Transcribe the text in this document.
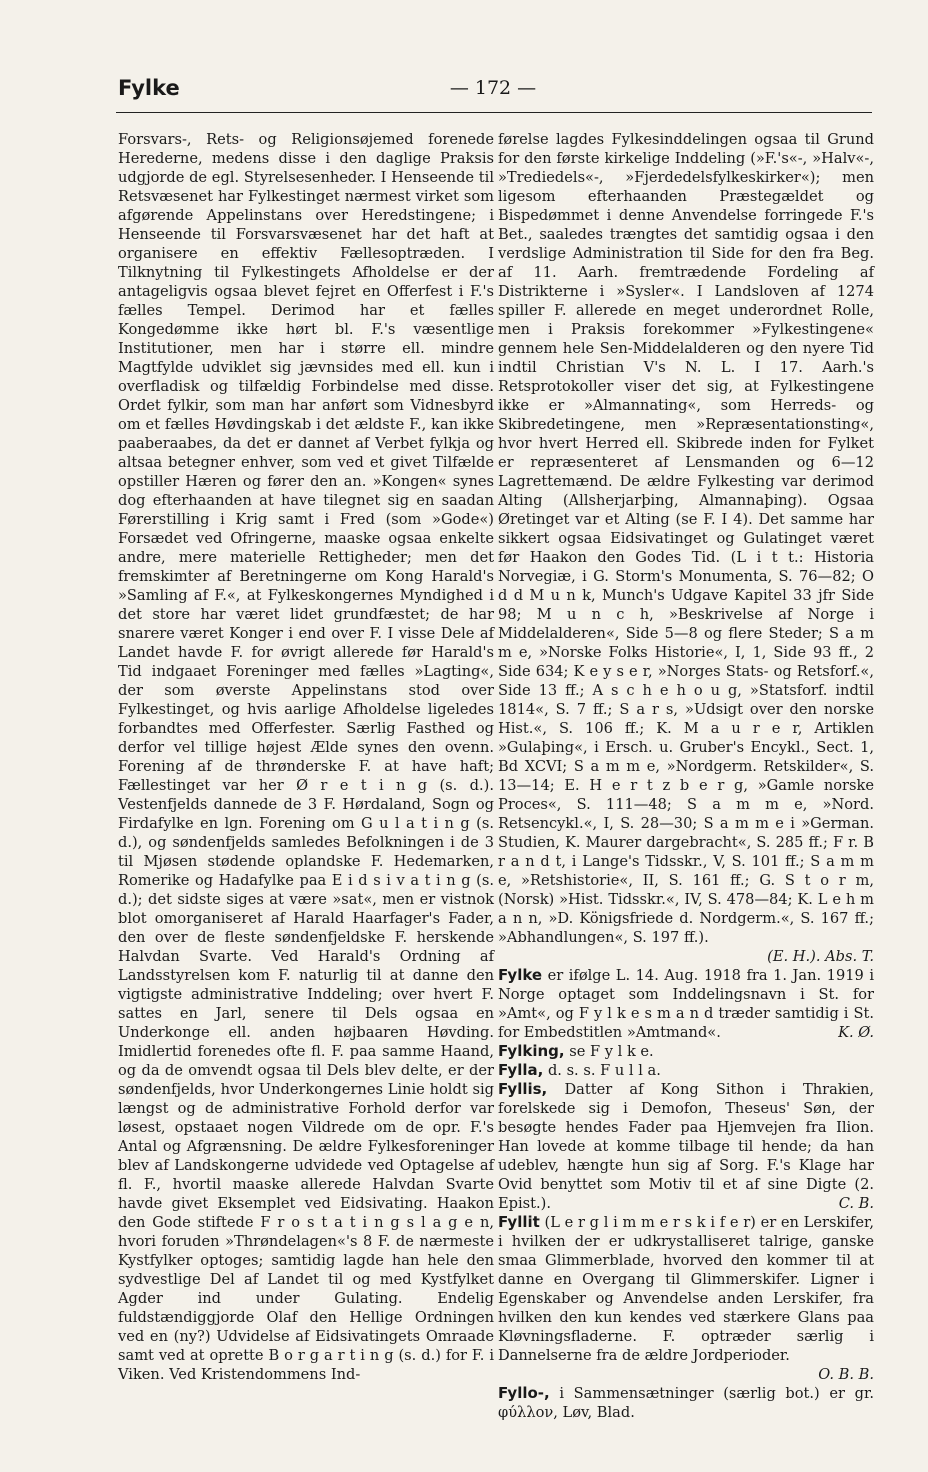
Fylke	— 172 —

Forsvars-, Rets- og Religionsøjemed forenede Herederne, medens disse i den daglige Praksis udgjorde de egl. Styrelsesenheder. I Henseende til Retsvæsenet har Fylkestinget nærmest virket som afgørende Appelinstans over Heredstingene; i Henseende til Forsvarsvæsenet har det haft at organisere en effektiv Fællesoptræden. I Tilknytning til Fylkestingets Afholdelse er der antageligvis ogsaa blevet fejret en Offerfest i F.'s fælles Tempel. Derimod har et fælles Kongedømme ikke hørt bl. F.'s væsentlige Institutioner, men har i større ell. mindre Magtfylde udviklet sig jævnsides med ell. kun i overfladisk og tilfældig Forbindelse med disse. Ordet fylkir, som man har anført som Vidnesbyrd om et fælles Høvdingskab i det ældste F., kan ikke paaberaabes, da det er dannet af Verbet fylkja og altsaa betegner enhver, som ved et givet Tilfælde opstiller Hæren og fører den an. »Kongen« synes dog efterhaanden at have tilegnet sig en saadan Førerstilling i Krig samt i Fred (som »Gode«) Forsædet ved Ofringerne, maaske ogsaa enkelte andre, mere materielle Rettigheder; men det fremskimter af Beretningerne om Kong Harald's »Samling af F.«, at Fylkeskongernes Myndighed i det store har været lidet grundfæstet; de har snarere været Konger i end over F. I visse Dele af Landet havde F. for øvrigt allerede før Harald's Tid indgaaet Foreninger med fælles »Lagting«, der som øverste Appelinstans stod over Fylkestinget, og hvis aarlige Afholdelse ligeledes forbandtes med Offerfester. Særlig Fasthed og derfor vel tillige højest Ælde synes den ovenn. Forening af de thrønderske F. at have haft; Fællestinget var her Ø r e t i n g (s. d.). Vestenfjelds dannede de 3 F. Hørdaland, Sogn og Firdafylke en lgn. Forening om G u l a t i n g (s. d.), og søndenfjelds samledes Befolkningen i de 3 til Mjøsen stødende oplandske F. Hedemarken, Romerike og Hadafylke paa E i d s i v a t i n g (s. d.); det sidste siges at være »sat«, men er vistnok blot omorganiseret af Harald Haarfager's Fader, den over de fleste søndenfjeldske F. herskende Halvdan Svarte. Ved Harald's Ordning af Landsstyrelsen kom F. naturlig til at danne den vigtigste administrative Inddeling; over hvert F. sattes en Jarl, senere til Dels ogsaa en Underkonge ell. anden højbaaren Høvding. Imidlertid forenedes ofte fl. F. paa samme Haand, og da de omvendt ogsaa til Dels blev delte, er der søndenfjelds, hvor Underkongernes Linie holdt sig længst og de administrative Forhold derfor var løsest, opstaaet nogen Vildrede om de opr. F.'s Antal og Afgrænsning. De ældre Fylkesforeninger blev af Landskongerne udvidede ved Optagelse af fl. F., hvortil maaske allerede Halvdan Svarte havde givet Eksemplet ved Eidsivating. Haakon den Gode stiftede F r o s t a t i n g s l a g e n, hvori foruden »Thrøndelagen«'s 8 F. de nærmeste Kystfylker optoges; samtidig lagde han hele den sydvestlige Del af Landet til og med Kystfylket Agder ind under Gulating. Endelig fuldstændiggjorde Olaf den Hellige Ordningen ved en (ny?) Udvidelse af Eidsivatingets Omraade samt ved at oprette B o r g a r t i n g (s. d.) for F. i Viken. Ved Kristendommens Ind-

førelse lagdes Fylkesinddelingen ogsaa til Grund for den første kirkelige Inddeling (»F.'s«-, »Halv«-, »Trediedels«-, »Fjerdedelsfylkeskirker«); men ligesom efterhaanden Præstegældet og Bispedømmet i denne Anvendelse forringede F.'s Bet., saaledes trængtes det samtidig ogsaa i den verdslige Administration til Side for den fra Beg. af 11. Aarh. fremtrædende Fordeling af Distrikterne i »Sysler«. I Landsloven af 1274 spiller F. allerede en meget underordnet Rolle, men i Praksis forekommer »Fylkestingene« gennem hele Sen-Middelalderen og den nyere Tid indtil Christian V's N. L. I 17. Aarh.'s Retsprotokoller viser det sig, at Fylkestingene ikke er »Almannating«, som Herreds- og Skibredetingene, men »Repræsentationsting«, hvor hvert Herred ell. Skibrede inden for Fylket er repræsenteret af Lensmanden og 6—12 Lagrettemænd. De ældre Fylkesting var derimod Alting (Allsherjarþing, Almannaþing). Ogsaa Øretinget var et Alting (se F. I 4). Det samme har sikkert ogsaa Eidsivatinget og Gulatinget været før Haakon den Godes Tid. (L i t t.: Historia Norvegiæ, i G. Storm's Monumenta, S. 76—82; O d d M u n k, Munch's Udgave Kapitel 33 jfr Side 98; M u n c h, »Beskrivelse af Norge i Middelalderen«, Side 5—8 og flere Steder; S a m m e, »Norske Folks Historie«, I, 1, Side 93 ff., 2 Side 634; K e y s e r, »Norges Stats- og Retsforf.«, Side 13 ff.; A s c h e h o u g, »Statsforf. indtil 1814«, S. 7 ff.; S a r s, »Udsigt over den norske Hist.«, S. 106 ff.; K. M a u r e r, Artiklen »Gulaþing«, i Ersch. u. Gruber's Encykl., Sect. 1, Bd XCVI; S a m m e, »Nordgerm. Retskilder«, S. 13—14; E. H e r t z b e r g, »Gamle norske Proces«, S. 111—48; S a m m e, »Nord. Retsencykl.«, I, S. 28—30; S a m m e i »German. Studien, K. Maurer dargebracht«, S. 285 ff.; F r. B r a n d t, i Lange's Tidsskr., V, S. 101 ff.; S a m m e, »Retshistorie«, II, S. 161 ff.; G. S t o r m, (Norsk) »Hist. Tidsskr.«, IV, S. 478—84; K. L e h m a n n, »D. Königsfriede d. Nordgerm.«, S. 167 ff.; »Abhandlungen«, S. 197 ff.).

(E. H.). Abs. T.

Fylke er ifølge L. 14. Aug. 1918 fra 1. Jan. 1919 i Norge optaget som Inddelingsnavn i St. for »Amt«, og F y l k e s m a n d træder samtidig i St. for Embedstitlen »Amtmand«.	K. Ø.

Fylking, se F y l k e.

Fylla, d. s. s. F u l l a.

Fyllis, Datter af Kong Sithon i Thrakien, forelskede sig i Demofon, Theseus' Søn, der besøgte hendes Fader paa Hjemvejen fra Ilion. Han lovede at komme tilbage til hende; da han udeblev, hængte hun sig af Sorg. F.'s Klage har Ovid benyttet som Motiv til et af sine Digte (2. Epist.).	C. B.

Fyllit (L e r g l i m m e r s k i f e r) er en Lerskifer, i hvilken der er udkrystalliseret talrige, ganske smaa Glimmerblade, hvorved den kommer til at danne en Overgang til Glimmerskifer. Ligner i Egenskaber og Anvendelse anden Lerskifer, fra hvilken den kun kendes ved stærkere Glans paa Kløvningsfladerne. F. optræder særlig i Dannelserne fra de ældre Jordperioder.

O. B. B.

Fyllo-, i Sammensætninger (særlig bot.) er gr. φύλλον, Løv, Blad.
